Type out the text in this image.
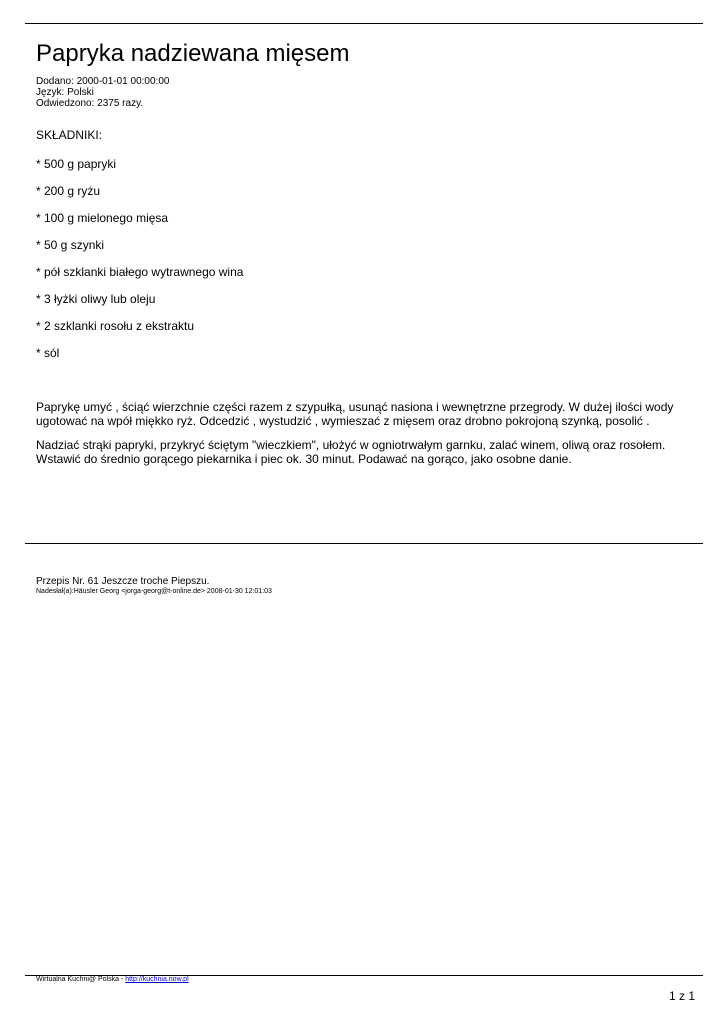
Papryka nadziewana mięsem
Dodano: 2000-01-01 00:00:00
Język: Polski
Odwiedzono: 2375 razy.
SKŁADNIKI:
* 500 g papryki
* 200 g ryżu
* 100 g mielonego mięsa
* 50 g szynki
* pół szklanki białego wytrawnego wina
* 3 łyżki oliwy lub oleju
* 2 szklanki rosołu z ekstraktu
* sól

Paprykę umyć , ściąć wierzchnie części razem z szypułką, usunąć nasiona i wewnętrzne przegrody. W dużej ilości wody ugotować na wpół miękko ryż. Odcedzić , wystudzić , wymieszać z mięsem oraz drobno pokrojoną szynką, posolić .

Nadziać strąki papryki, przykryć ściętym "wieczkiem", ułożyć w ogniotrwałym garnku, zalać winem, oliwą oraz rosołem. Wstawić do średnio gorącego piekarnika i piec ok. 30 minut. Podawać na gorąco, jako osobne danie.

Przepis Nr. 61 Jeszcze troche Piepszu.
Nadesłał(a):Häusler Georg <jorga-georg@t-online.de> 2008-01-30 12:01:03
Wirtualna Kuchni@ Polska - http://kuchnia.now.pl
1 z 1
